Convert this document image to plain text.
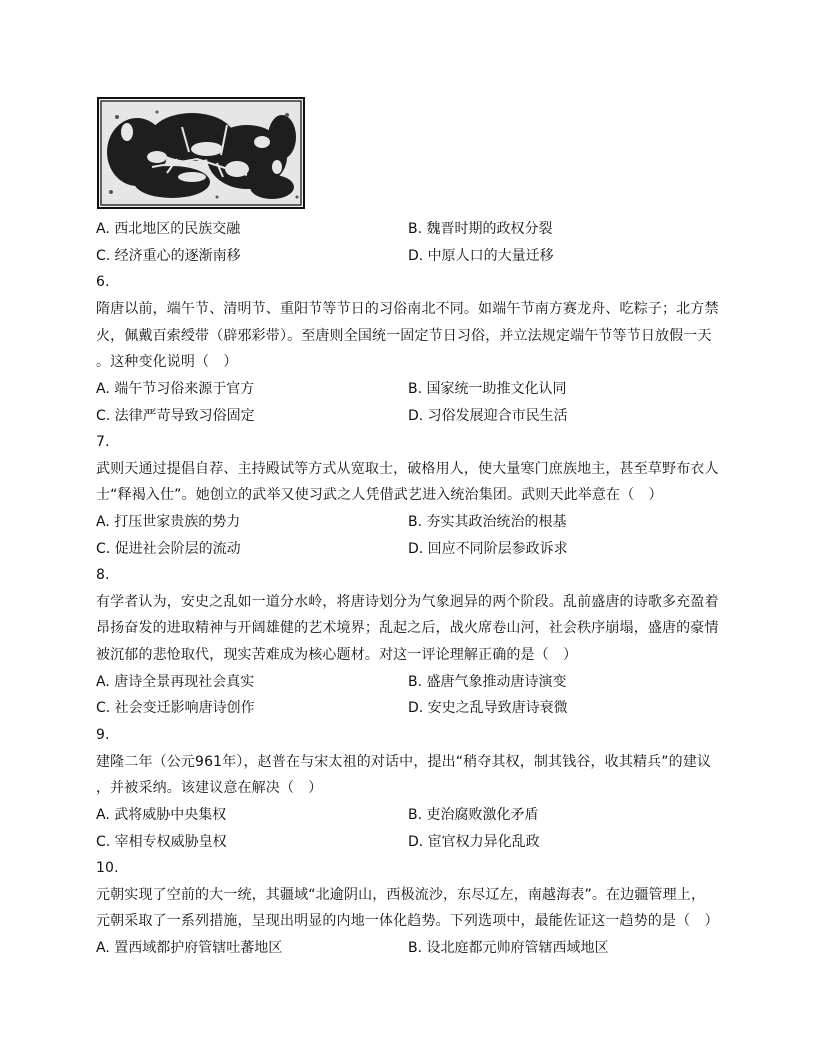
A. 西北地区的民族交融	B. 魏晋时期的政权分裂
C. 经济重心的逐渐南移	D. 中原人口的大量迁移
6.
隋唐以前，端午节、清明节、重阳节等节日的习俗南北不同。如端午节南方赛龙舟、吃粽子；北方禁
火，佩戴百索绶带（辟邪彩带）。至唐则全国统一固定节日习俗，并立法规定端午节等节日放假一天
。这种变化说明（　）
A. 端午节习俗来源于官方	B. 国家统一助推文化认同
C. 法律严苛导致习俗固定	D. 习俗发展迎合市民生活
7.
武则天通过提倡自荐、主持殿试等方式从宽取士，破格用人，使大量寒门庶族地主，甚至草野布衣人
士“释褐入仕”。她创立的武举又使习武之人凭借武艺进入统治集团。武则天此举意在（　）
A. 打压世家贵族的势力	B. 夯实其政治统治的根基
C. 促进社会阶层的流动	D. 回应不同阶层参政诉求
8.
有学者认为，安史之乱如一道分水岭，将唐诗划分为气象迥异的两个阶段。乱前盛唐的诗歌多充盈着
昂扬奋发的进取精神与开阔雄健的艺术境界；乱起之后，战火席卷山河，社会秩序崩塌，盛唐的豪情
被沉郁的悲怆取代，现实苦难成为核心题材。对这一评论理解正确的是（　）
A. 唐诗全景再现社会真实	B. 盛唐气象推动唐诗演变
C. 社会变迁影响唐诗创作	D. 安史之乱导致唐诗衰微
9.
建隆二年（公元961年），赵普在与宋太祖的对话中，提出“稍夺其权，制其钱谷，收其精兵”的建议
，并被采纳。该建议意在解决（　）
A. 武将威胁中央集权	B. 吏治腐败激化矛盾
C. 宰相专权威胁皇权	D. 宦官权力异化乱政
10.
元朝实现了空前的大一统，其疆域“北逾阴山，西极流沙，东尽辽左，南越海表”。在边疆管理上，
元朝采取了一系列措施，呈现出明显的内地一体化趋势。下列选项中，最能佐证这一趋势的是（　）
A. 置西域都护府管辖吐蕃地区	B. 设北庭都元帅府管辖西域地区
